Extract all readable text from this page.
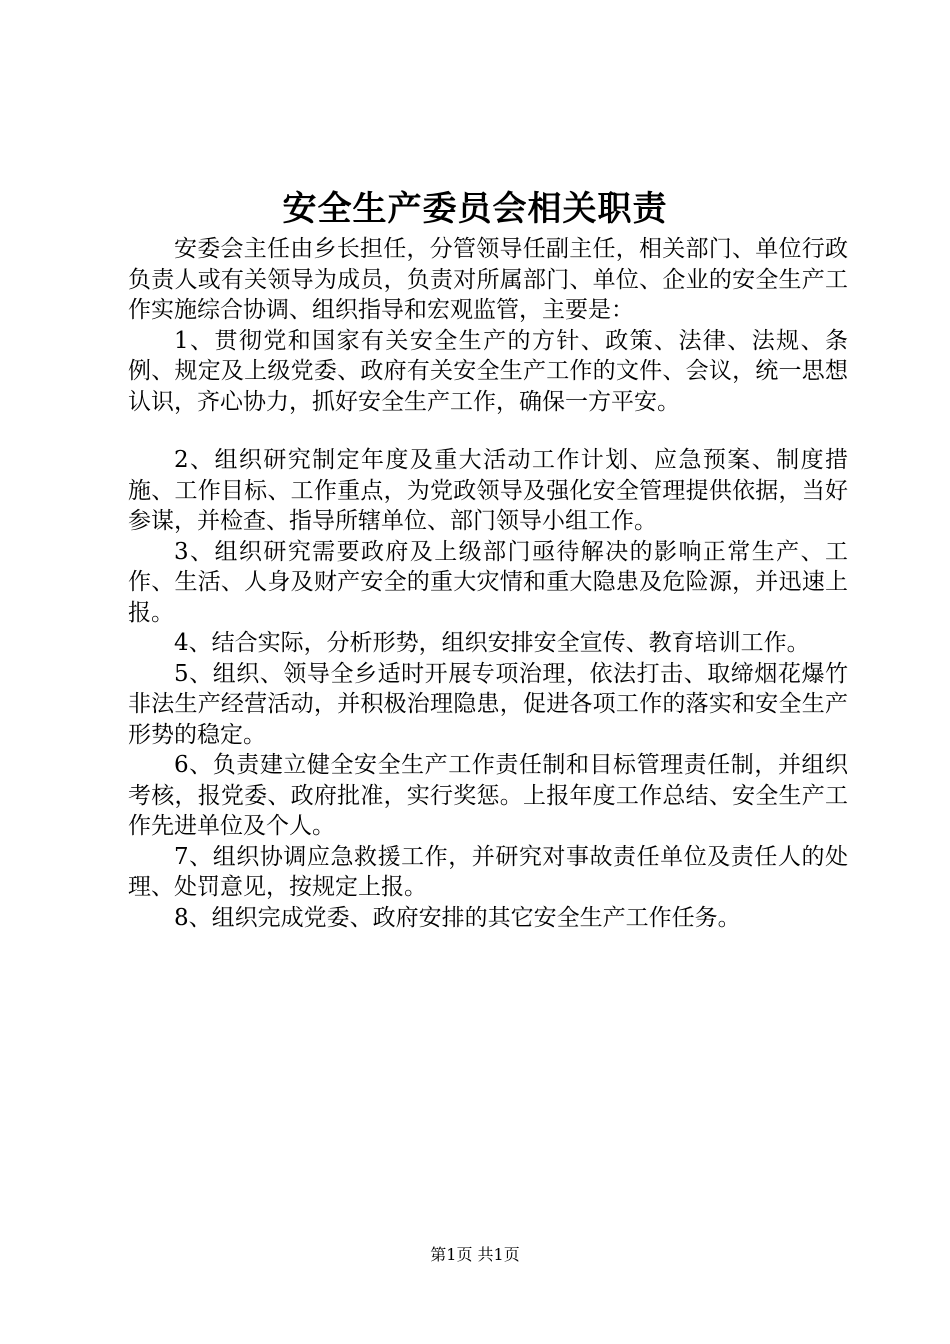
安全生产委员会相关职责

安委会主任由乡长担任，分管领导任副主任，相关部门、单位行政负责人或有关领导为成员，负责对所属部门、单位、企业的安全生产工作实施综合协调、组织指导和宏观监管，主要是：

1、贯彻党和国家有关安全生产的方针、政策、法律、法规、条例、规定及上级党委、政府有关安全生产工作的文件、会议，统一思想认识，齐心协力，抓好安全生产工作，确保一方平安。

2、组织研究制定年度及重大活动工作计划、应急预案、制度措施、工作目标、工作重点，为党政领导及强化安全管理提供依据，当好参谋，并检查、指导所辖单位、部门领导小组工作。

3、组织研究需要政府及上级部门亟待解决的影响正常生产、工作、生活、人身及财产安全的重大灾情和重大隐患及危险源，并迅速上报。

4、结合实际，分析形势，组织安排安全宣传、教育培训工作。

5、组织、领导全乡适时开展专项治理，依法打击、取缔烟花爆竹非法生产经营活动，并积极治理隐患，促进各项工作的落实和安全生产形势的稳定。

6、负责建立健全安全生产工作责任制和目标管理责任制，并组织考核，报党委、政府批准，实行奖惩。上报年度工作总结、安全生产工作先进单位及个人。

7、组织协调应急救援工作，并研究对事故责任单位及责任人的处理、处罚意见，按规定上报。

8、组织完成党委、政府安排的其它安全生产工作任务。

第1页 共1页
